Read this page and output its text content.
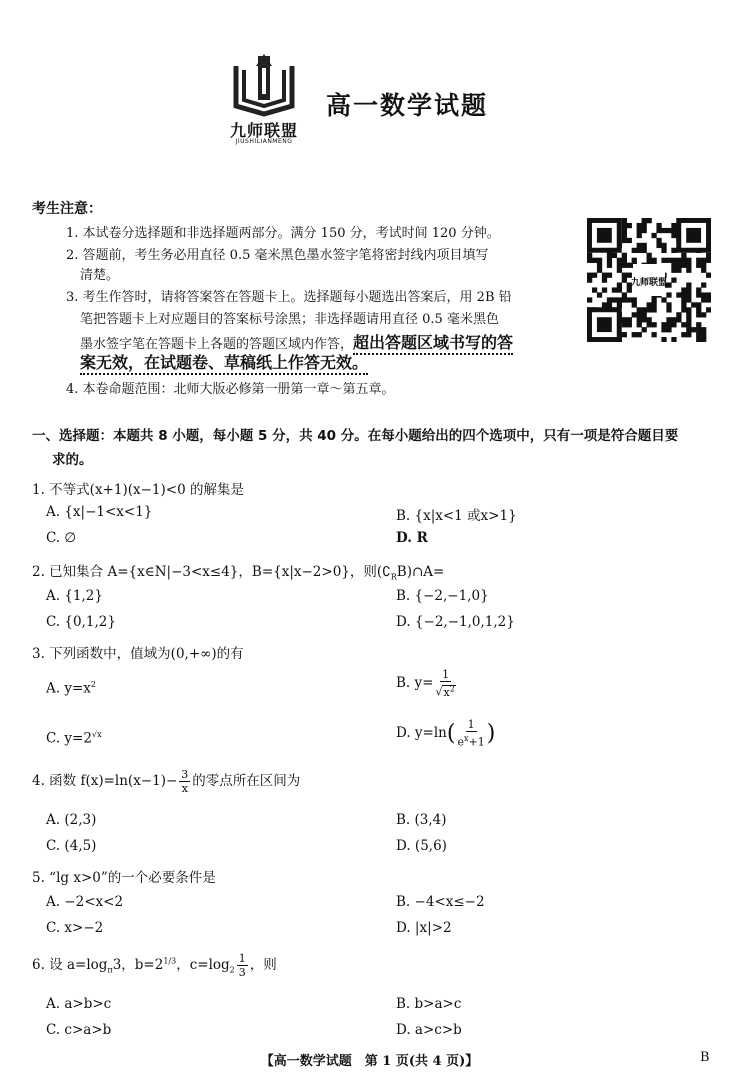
九师联盟
JIUSHILIANMENG
高一数学试题
考生注意：
1. 本试卷分选择题和非选择题两部分。满分 150 分，考试时间 120 分钟。
2. 答题前，考生务必用直径 0.5 毫米黑色墨水签字笔将密封线内项目填写
清楚。
3. 考生作答时，请将答案答在答题卡上。选择题每小题选出答案后，用 2B 铅
笔把答题卡上对应题目的答案标号涂黑；非选择题请用直径 0.5 毫米黑色
墨水签字笔在答题卡上各题的答题区域内作答，超出答题区域书写的答
案无效，在试题卷、草稿纸上作答无效。
4. 本卷命题范围：北师大版必修第一册第一章～第五章。
九师联盟
一、选择题：本题共 8 小题，每小题 5 分，共 40 分。在每小题给出的四个选项中，只有一项是符合题目要
求的。
1. 不等式(x+1)(x−1)<0 的解集是
A. {x|−1<x<1}	B. {x|x<1 或x>1}
C. ∅	D. R
2. 已知集合 A={x∈N|−3<x≤4}，B={x|x−2>0}，则$(∁_RB)\cap A=$
A. {1,2}	B. {−2,−1,0}
C. {0,1,2}	D. {−2,−1,0,1,2}
3. 下列函数中，值域为(0,+∞)的有
A. $y=x^2$	B. $y= \frac{1}{√x^2}$
C. $y=2^{√x}$	D. $y=\ln( \frac{1}{e^x+1}$ )
4. 函数 $f(x)=\ln(x-1)- \frac{3}{x}$ 的零点所在区间为
A. (2,3)	B. (3,4)
C. (4,5)	D. (5,6)
5. “lg x>0”的一个必要条件是
A. −2<x<2	B. −4<x≤−2
C. x>−2	D. |x|>2
6. 设 $a=\log_\pi 3$，$b=2^{1/3}$，$c=\log_2 \frac{1}{3}$ ，则
A. a>b>c	B. b>a>c
C. c>a>b	D. a>c>b
【高一数学试题　第 1 页(共 4 页)】	B
